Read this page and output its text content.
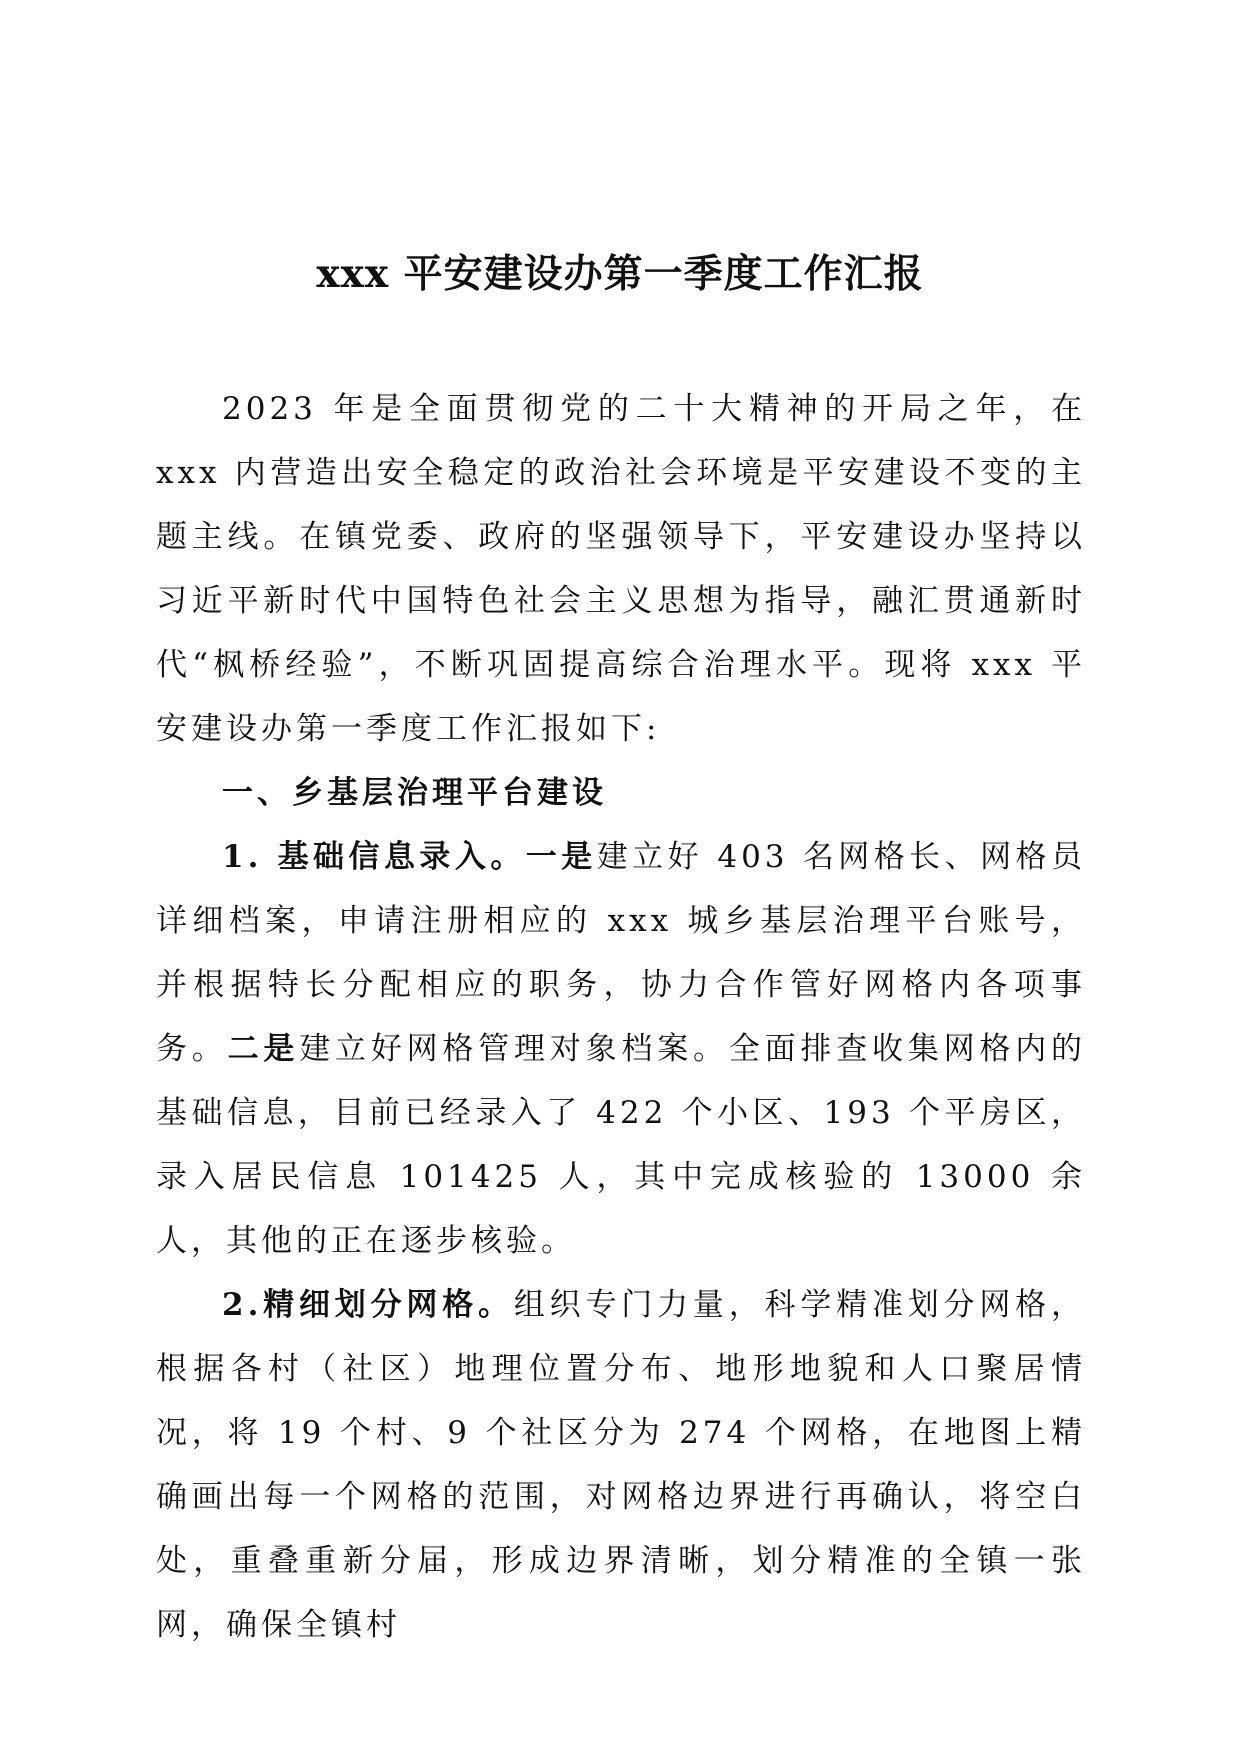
xxx 平安建设办第一季度工作汇报

2023 年是全面贯彻党的二十大精神的开局之年，在 xxx 内营造出安全稳定的政治社会环境是平安建设不变的主题主线。在镇党委、政府的坚强领导下，平安建设办坚持以习近平新时代中国特色社会主义思想为指导，融汇贯通新时代“枫桥经验”，不断巩固提高综合治理水平。现将 xxx 平安建设办第一季度工作汇报如下:

一、乡基层治理平台建设

1. 基础信息录入。一是建立好 403 名网格长、网格员详细档案，申请注册相应的 xxx 城乡基层治理平台账号，并根据特长分配相应的职务，协力合作管好网格内各项事务。二是建立好网格管理对象档案。全面排查收集网格内的基础信息，目前已经录入了 422 个小区、193 个平房区，录入居民信息 101425 人，其中完成核验的 13000 余人，其他的正在逐步核验。

2.精细划分网格。组织专门力量，科学精准划分网格，根据各村（社区）地理位置分布、地形地貌和人口聚居情况，将 19 个村、9 个社区分为 274 个网格，在地图上精确画出每一个网格的范围，对网格边界进行再确认，将空白处，重叠重新分届，形成边界清晰，划分精准的全镇一张网，确保全镇村
